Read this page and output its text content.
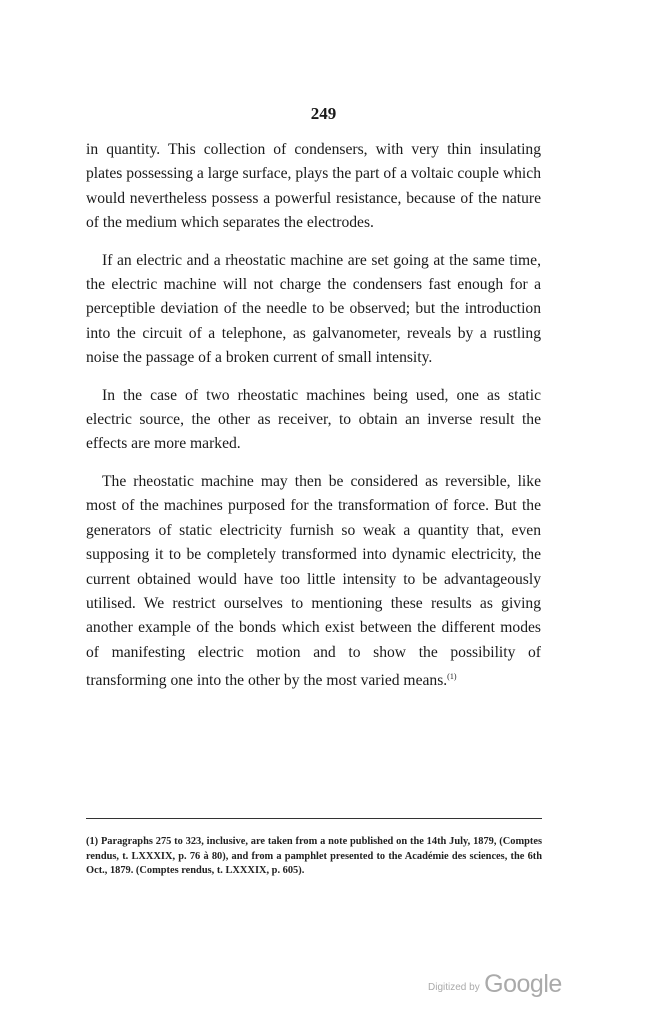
249

in quantity. This collection of condensers, with very thin insulating plates possessing a large surface, plays the part of a voltaic couple which would nevertheless possess a powerful resistance, because of the nature of the medium which separates the electrodes.

If an electric and a rheostatic machine are set going at the same time, the electric machine will not charge the condensers fast enough for a perceptible deviation of the needle to be observed; but the introduction into the circuit of a telephone, as galvanometer, reveals by a rustling noise the passage of a broken current of small intensity.

In the case of two rheostatic machines being used, one as static electric source, the other as receiver, to obtain an inverse result the effects are more marked.

The rheostatic machine may then be considered as reversible, like most of the machines purposed for the transformation of force. But the generators of static electricity furnish so weak a quantity that, even supposing it to be completely transformed into dynamic electricity, the current obtained would have too little intensity to be advantageously utilised. We restrict ourselves to mentioning these results as giving another example of the bonds which exist between the different modes of manifesting electric motion and to show the possibility of transforming one into the other by the most varied means.$^{(1)}$

(1) Paragraphs 275 to 323, inclusive, are taken from a note published on the 14th July, 1879, (Comptes rendus, t. LXXXIX, p. 76 à 80), and from a pamphlet presented to the Académie des sciences, the 6th Oct., 1879. (Comptes rendus, t. LXXXIX, p. 605).
Digitized by Google
